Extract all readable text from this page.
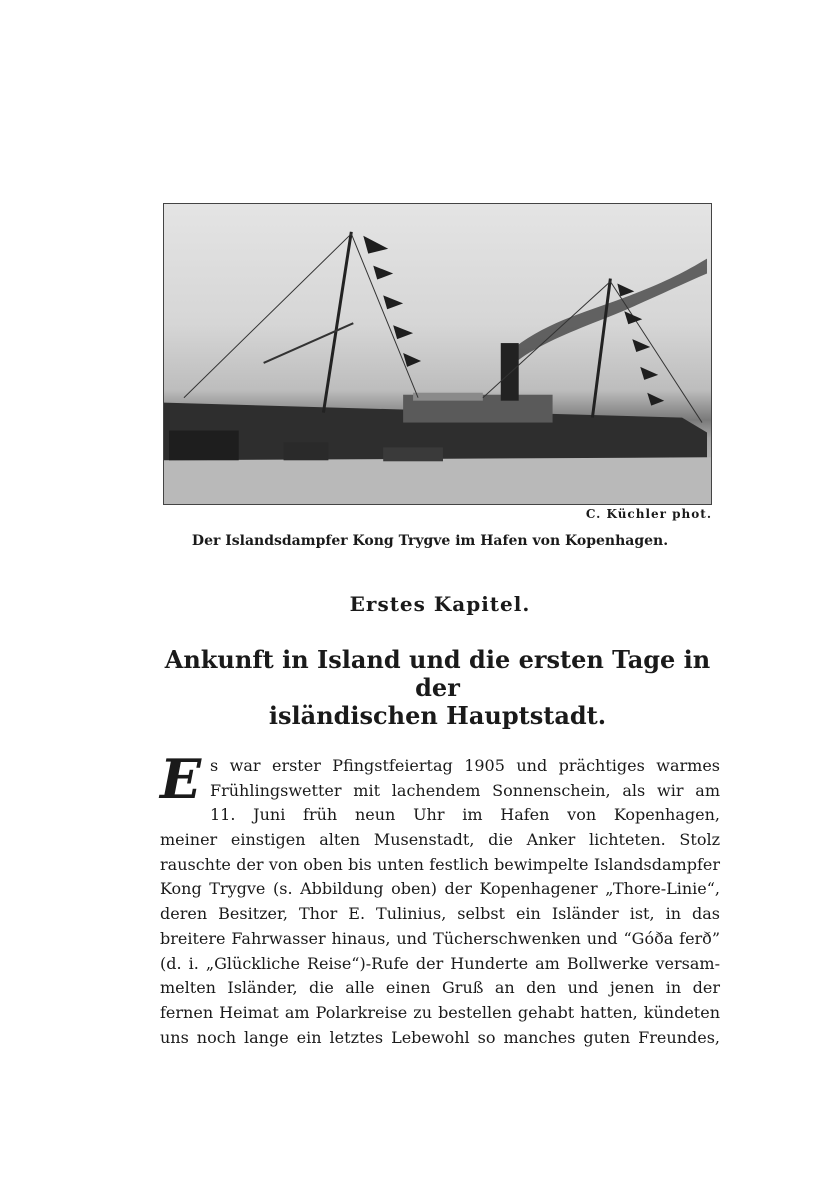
C. Küchler phot.
Der Islandsdampfer Kong Trygve im Hafen von Kopenhagen.
Erstes Kapitel.
Ankunft in Island und die ersten Tage in der
isländischen Hauptstadt.
E s war erster Pfingstfeiertag 1905 und prächtiges warmes
Frühlingswetter mit lachendem Sonnenschein, als wir am
11. Juni früh neun Uhr im Hafen von Kopenhagen,
meiner einstigen alten Musenstadt, die Anker lichteten. Stolz
rauschte der von oben bis unten festlich bewimpelte Islandsdampfer
Kong Trygve (s. Abbildung oben) der Kopenhagener „Thore-Linie“,
deren Besitzer, Thor E. Tulinius, selbst ein Isländer ist, in das
breitere Fahrwasser hinaus, und Tücherschwenken und “Góða ferð”
(d. i. „Glückliche Reise“)-Rufe der Hunderte am Bollwerke versam-
melten Isländer, die alle einen Gruß an den und jenen in der
fernen Heimat am Polarkreise zu bestellen gehabt hatten, kündeten
uns noch lange ein letztes Lebewohl so manches guten Freundes,
